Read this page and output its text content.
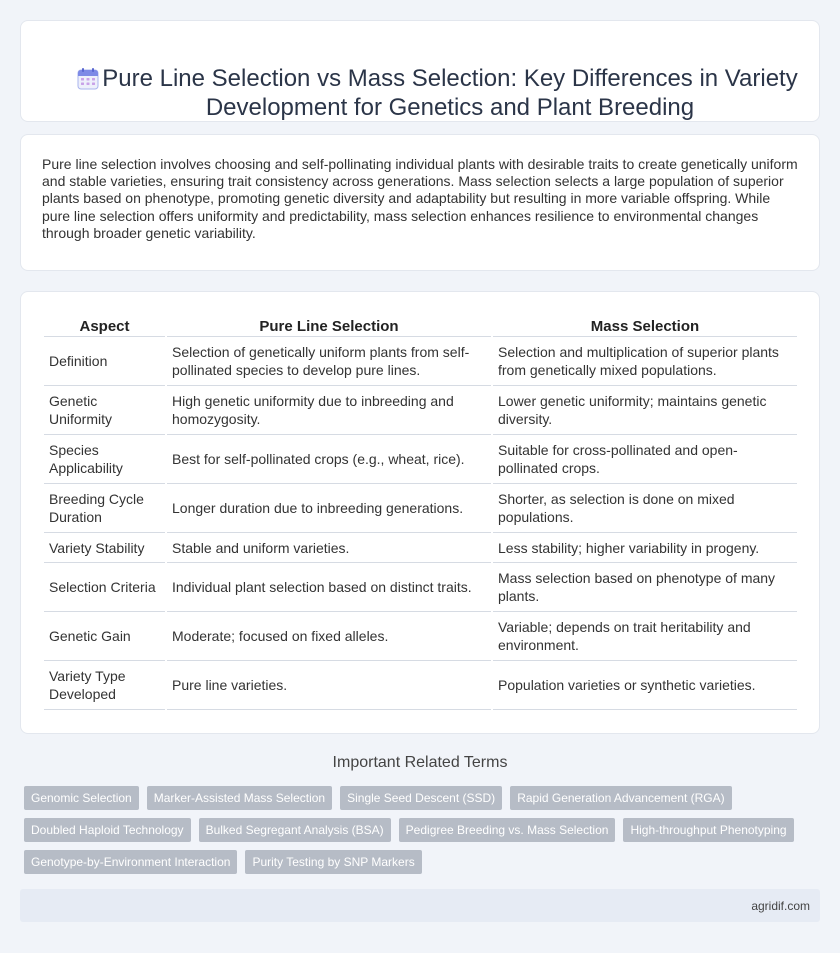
Pure Line Selection vs Mass Selection: Key Differences in Variety
Development for Genetics and Plant Breeding

Pure line selection involves choosing and self-pollinating individual plants with desirable traits to create genetically uniform and stable varieties, ensuring trait consistency across generations. Mass selection selects a large population of superior plants based on phenotype, promoting genetic diversity and adaptability but resulting in more variable offspring. While pure line selection offers uniformity and predictability, mass selection enhances resilience to environmental changes through broader genetic variability.

Aspect	Pure Line Selection	Mass Selection
Definition	Selection of genetically uniform plants from self-pollinated species to develop pure lines.	Selection and multiplication of superior plants from genetically mixed populations.
Genetic Uniformity	High genetic uniformity due to inbreeding and homozygosity.	Lower genetic uniformity; maintains genetic diversity.
Species Applicability	Best for self-pollinated crops (e.g., wheat, rice).	Suitable for cross-pollinated and open-pollinated crops.
Breeding Cycle Duration	Longer duration due to inbreeding generations.	Shorter, as selection is done on mixed populations.
Variety Stability	Stable and uniform varieties.	Less stability; higher variability in progeny.
Selection Criteria	Individual plant selection based on distinct traits.	Mass selection based on phenotype of many plants.
Genetic Gain	Moderate; focused on fixed alleles.	Variable; depends on trait heritability and environment.
Variety Type Developed	Pure line varieties.	Population varieties or synthetic varieties.
Important Related Terms
Genomic Selection	Marker-Assisted Mass Selection	Single Seed Descent (SSD)	Rapid Generation Advancement (RGA)
Doubled Haploid Technology	Bulked Segregant Analysis (BSA)	Pedigree Breeding vs. Mass Selection	High-throughput Phenotyping
Genotype-by-Environment Interaction	Purity Testing by SNP Markers
agridif.com
